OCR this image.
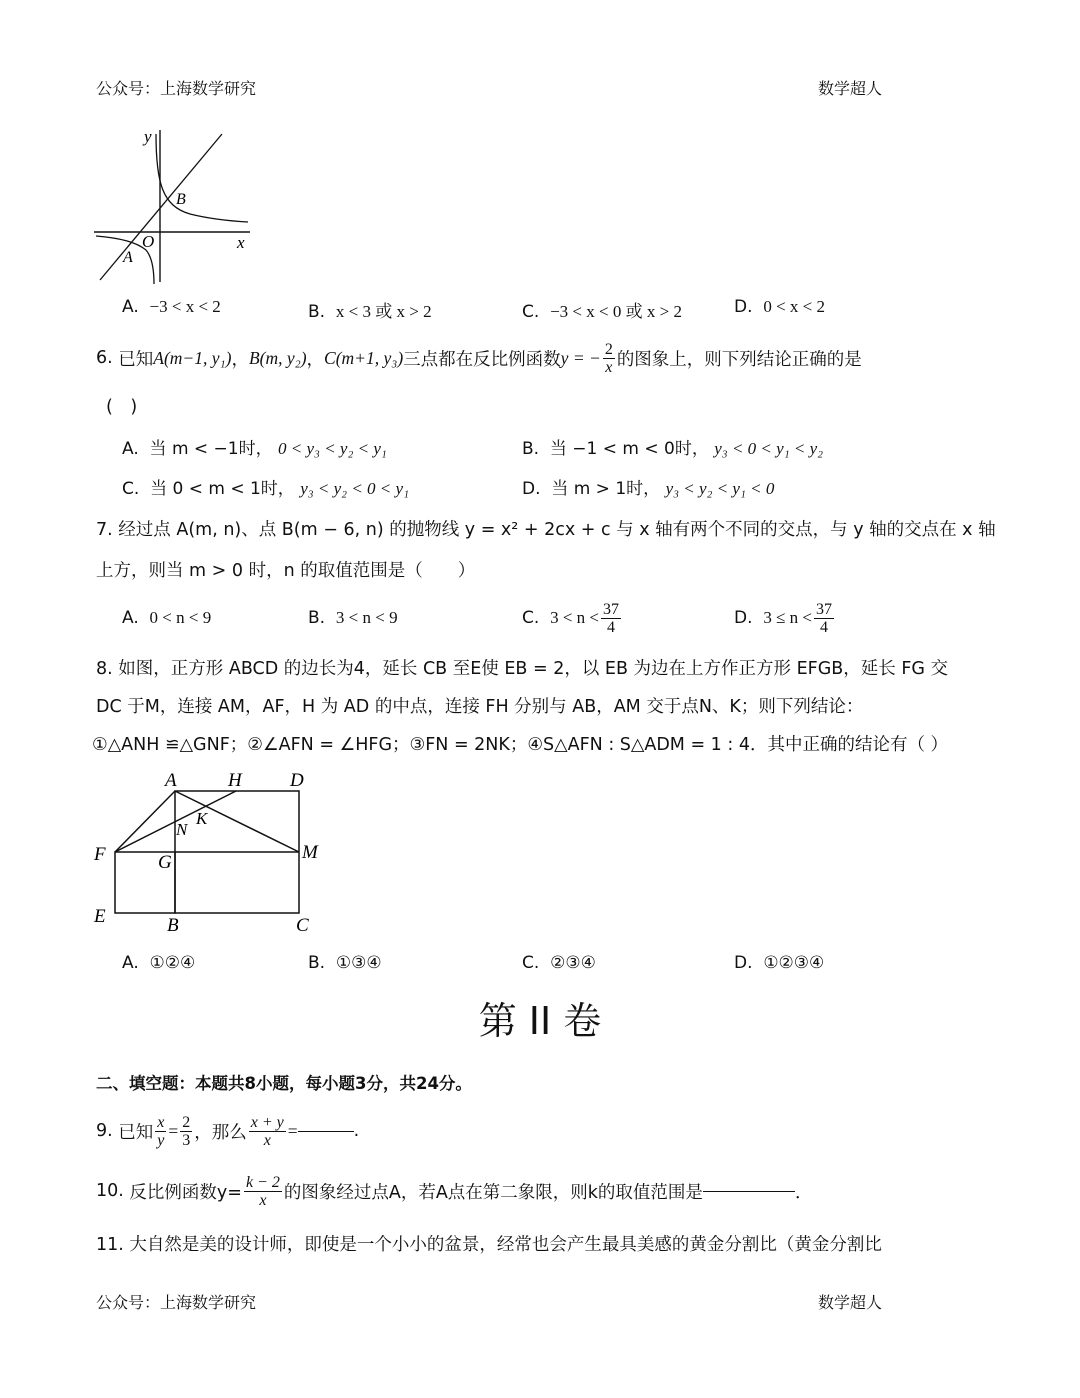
公众号：上海数学研究	数学超人
y
x
O
A
B
A. −3 < x < 2	B. x < 3 或 x > 2	C. −3 < x < 0 或 x > 2	D. 0 < x < 2
6.
已知 A(m−1, y₁) ， B(m, y₂) ， C(m+1, y₃) 三点都在反比例函数 y = − $\frac{2}{x}$ 的图象上，则下列结论正确的是
(　)
A. 当 m < −1时， 0 < y₃ < y₂ < y₁	B. 当 −1 < m < 0时， y₃ < 0 < y₁ < y₂
C. 当 0 < m < 1时， y₃ < y₂ < 0 < y₁	D. 当 m > 1时， y₃ < y₂ < y₁ < 0
7. 经过点 A(m, n)、点 B(m − 6, n) 的抛物线 y = x² + 2cx + c 与 x 轴有两个不同的交点，与 y 轴的交点在 x 轴
上方，则当 m > 0 时，n 的取值范围是（　　）
A. 0 < n < 9	B. 3 < n < 9	C.
$3 < n < \frac{37}{4}$	D.
$3 \le n < \frac{37}{4}$
8. 如图，正方形 ABCD 的边长为4，延长 CB 至E使 EB = 2，以 EB 为边在上方作正方形 EFGB，延长 FG 交
DC 于M，连接 AM，AF，H 为 AD 的中点，连接 FH 分别与 AB，AM 交于点N、K；则下列结论：
①△ANH ≌△GNF；②∠AFN = ∠HFG；③FN = 2NK；④S△AFN : S△ADM = 1 : 4．其中正确的结论有（ ）
A	H	D
N
K
F	G	M
E	B	C
A. ①②④	B. ①③④	C. ②③④	D. ①②③④
第 II 卷
二、填空题：本题共8小题，每小题3分，共24分。
9.
已知 $\frac{x}{y} = \frac{2}{3}$ ，那么 $\frac{x + y}{x}$ =	.
10.
反比例函数$y= \frac{k - 2}{x}$ 的图象经过点A，若A点在第二象限，则k的取值范围是	．
11. 大自然是美的设计师，即使是一个小小的盆景，经常也会产生最具美感的黄金分割比（黄金分割比
公众号：上海数学研究	数学超人
